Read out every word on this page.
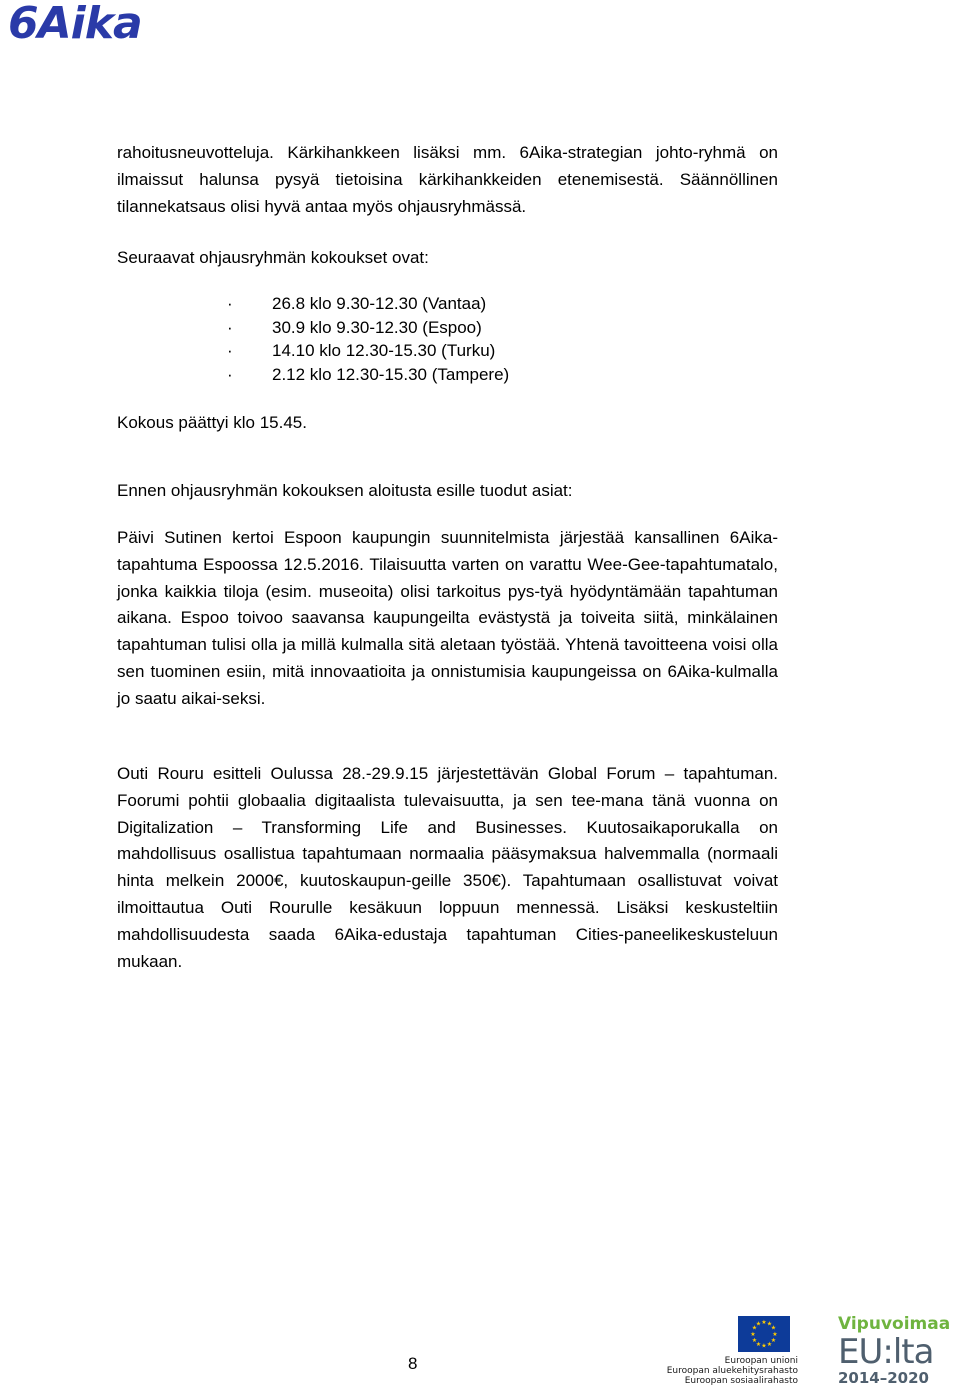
6Aika

rahoitusneuvotteluja. Kärkihankkeen lisäksi mm. 6Aika-strategian johto-ryhmä on ilmaissut halunsa pysyä tietoisina kärkihankkeiden etenemisestä. Säännöllinen tilannekatsaus olisi hyvä antaa myös ohjausryhmässä.

Seuraavat ohjausryhmän kokoukset ovat:

·	26.8 klo 9.30-12.30 (Vantaa)
·	30.9 klo 9.30-12.30 (Espoo)
·	14.10 klo 12.30-15.30 (Turku)
·	2.12 klo 12.30-15.30 (Tampere)

Kokous päättyi klo 15.45.

Ennen ohjausryhmän kokouksen aloitusta esille tuodut asiat:

Päivi Sutinen kertoi Espoon kaupungin suunnitelmista järjestää kansallinen 6Aika-tapahtuma Espoossa 12.5.2016. Tilaisuutta varten on varattu Wee-Gee-tapahtumatalo, jonka kaikkia tiloja (esim. museoita) olisi tarkoitus pys-tyä hyödyntämään tapahtuman aikana. Espoo toivoo saavansa kaupungeilta evästystä ja toiveita siitä, minkälainen tapahtuman tulisi olla ja millä kulmalla sitä aletaan työstää. Yhtenä tavoitteena voisi olla sen tuominen esiin, mitä innovaatioita ja onnistumisia kaupungeissa on 6Aika-kulmalla jo saatu aikai-seksi.

Outi Rouru esitteli Oulussa 28.-29.9.15 järjestettävän Global Forum – tapahtuman. Foorumi pohtii globaalia digitaalista tulevaisuutta, ja sen tee-mana tänä vuonna on Digitalization – Transforming Life and Businesses. Kuutosaikaporukalla on mahdollisuus osallistua tapahtumaan normaalia pääsymaksua halvemmalla (normaali hinta melkein 2000€, kuutoskaupun-geille 350€). Tapahtumaan osallistuvat voivat ilmoittautua Outi Rourulle kesäkuun loppuun mennessä. Lisäksi keskusteltiin mahdollisuudesta saada 6Aika-edustaja tapahtuman Cities-paneelikeskusteluun mukaan.

8
★ ★
★
★
★
★
★
★
★
★
★
★
Euroopan unioni
Euroopan aluekehitysrahasto
Euroopan sosiaalirahasto
Vipuvoimaa
EU:lta
2014–2020
